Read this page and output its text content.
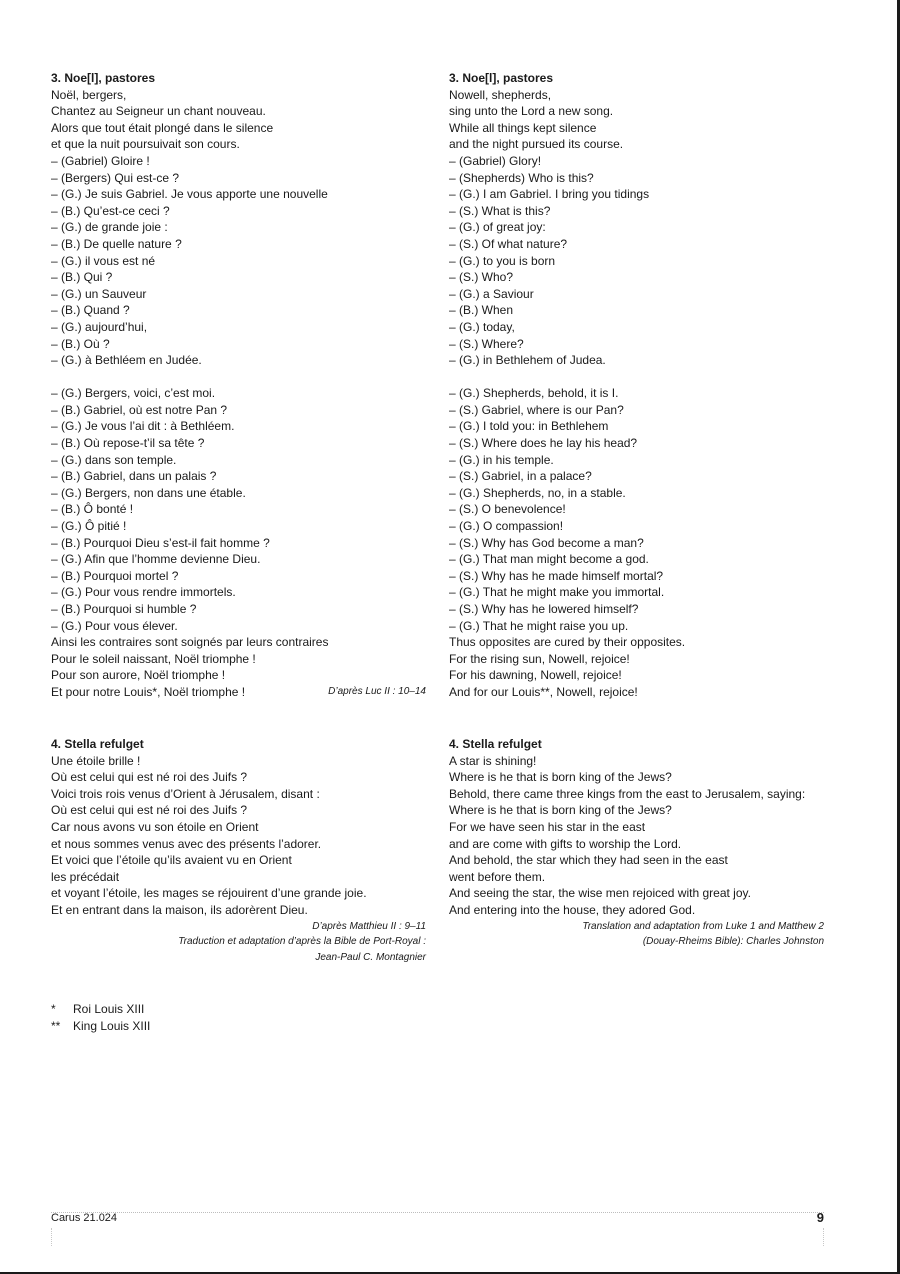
3. Noe[l], pastores
Noël, bergers,
Chantez au Seigneur un chant nouveau.
Alors que tout était plongé dans le silence
et que la nuit poursuivait son cours.
– (Gabriel) Gloire !
– (Bergers) Qui est-ce ?
– (G.) Je suis Gabriel. Je vous apporte une nouvelle
– (B.) Qu’est-ce ceci ?
– (G.) de grande joie :
– (B.) De quelle nature ?
– (G.) il vous est né
– (B.) Qui ?
– (G.) un Sauveur
– (B.) Quand ?
– (G.) aujourd’hui,
– (B.) Où ?
– (G.) à Bethléem en Judée.
– (G.) Bergers, voici, c’est moi.
– (B.) Gabriel, où est notre Pan ?
– (G.) Je vous l’ai dit : à Bethléem.
– (B.) Où repose-t’il sa tête ?
– (G.) dans son temple.
– (B.) Gabriel, dans un palais ?
– (G.) Bergers, non dans une étable.
– (B.) Ô bonté !
– (G.) Ô pitié !
– (B.) Pourquoi Dieu s’est-il fait homme ?
– (G.) Afin que l’homme devienne Dieu.
– (B.) Pourquoi mortel ?
– (G.) Pour vous rendre immortels.
– (B.) Pourquoi si humble ?
– (G.) Pour vous élever.
Ainsi les contraires sont soignés par leurs contraires
Pour le soleil naissant, Noël triomphe !
Pour son aurore, Noël triomphe !
Et pour notre Louis*, Noël triomphe !	D’après Luc II : 10–14
3. Noe[l], pastores
Nowell, shepherds,
sing unto the Lord a new song.
While all things kept silence
and the night pursued its course.
– (Gabriel) Glory!
– (Shepherds) Who is this?
– (G.) I am Gabriel. I bring you tidings
– (S.) What is this?
– (G.) of great joy:
– (S.) Of what nature?
– (G.) to you is born
– (S.) Who?
– (G.) a Saviour
– (B.) When
– (G.) today,
– (S.) Where?
– (G.) in Bethlehem of Judea.
– (G.) Shepherds, behold, it is I.
– (S.) Gabriel, where is our Pan?
– (G.) I told you: in Bethlehem
– (S.) Where does he lay his head?
– (G.) in his temple.
– (S.) Gabriel, in a palace?
– (G.) Shepherds, no, in a stable.
– (S.) O benevolence!
– (G.) O compassion!
– (S.) Why has God become a man?
– (G.) That man might become a god.
– (S.) Why has he made himself mortal?
– (G.) That he might make you immortal.
– (S.) Why has he lowered himself?
– (G.) That he might raise you up.
Thus opposites are cured by their opposites.
For the rising sun, Nowell, rejoice!
For his dawning, Nowell, rejoice!
And for our Louis**, Nowell, rejoice!
4. Stella refulget
Une étoile brille !
Où est celui qui est né roi des Juifs ?
Voici trois rois venus d’Orient à Jérusalem, disant :
Où est celui qui est né roi des Juifs ?
Car nous avons vu son étoile en Orient
et nous sommes venus avec des présents l’adorer.
Et voici que l’étoile qu’ils avaient vu en Orient
les précédait
et voyant l’étoile, les mages se réjouirent d’une grande joie.
Et en entrant dans la maison, ils adorèrent Dieu.
D’après Matthieu II : 9–11
Traduction et adaptation d’après la Bible de Port-Royal :
Jean-Paul C. Montagnier
4. Stella refulget
A star is shining!
Where is he that is born king of the Jews?
Behold, there came three kings from the east to Jerusalem, saying:
Where is he that is born king of the Jews?
For we have seen his star in the east
and are come with gifts to worship the Lord.
And behold, the star which they had seen in the east
went before them.
And seeing the star, the wise men rejoiced with great joy.
And entering into the house, they adored God.
Translation and adaptation from Luke 1 and Matthew 2
(Douay-Rheims Bible): Charles Johnston
*	Roi Louis XIII
**	King Louis XIII
Carus 21.024	9
